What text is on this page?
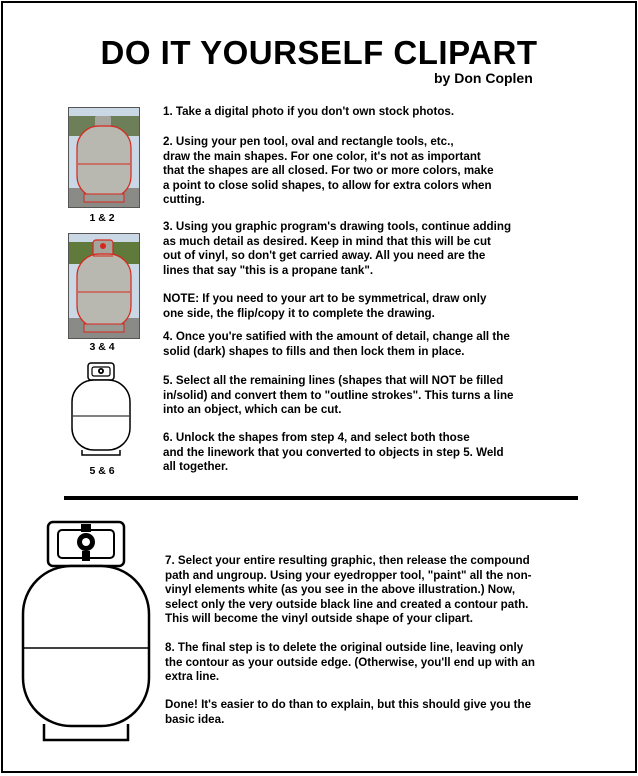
DO IT YOURSELF CLIPART
by Don Coplen
1 & 2
3 & 4
5 & 6
1. Take a digital photo if you don't own stock photos.
2. Using your pen tool, oval and rectangle tools, etc.,
draw the main shapes. For one color, it's not as important
that the shapes are all closed. For two or more colors, make
a point to close solid shapes, to allow for extra colors when
cutting.
3. Using you graphic program's drawing tools, continue adding
as much detail as desired. Keep in mind that this will be cut
out of vinyl, so don't get carried away. All you need are the
lines that say "this is a propane tank".
NOTE: If you need to your art to be symmetrical, draw only
one side, the flip/copy it to complete the drawing.
4. Once you're satified with the amount of detail, change all the
solid (dark) shapes to fills and then lock them in place.
5. Select all the remaining lines (shapes that will NOT be filled
in/solid) and convert them to "outline strokes". This turns a line
into an object, which can be cut.
6. Unlock the shapes from step 4, and select both those
and the linework that you converted to objects in step 5. Weld
all together.
7. Select your entire resulting graphic, then release the compound
path and ungroup. Using your eyedropper tool, "paint" all the non-
vinyl elements white (as you see in the above illustration.) Now,
select only the very outside black line and created a contour path.
This will become the vinyl outside shape of your clipart.
8. The final step is to delete the original outside line, leaving only
the contour as your outside edge. (Otherwise, you'll end up with an
extra line.
Done! It's easier to do than to explain, but this should give you the
basic idea.
